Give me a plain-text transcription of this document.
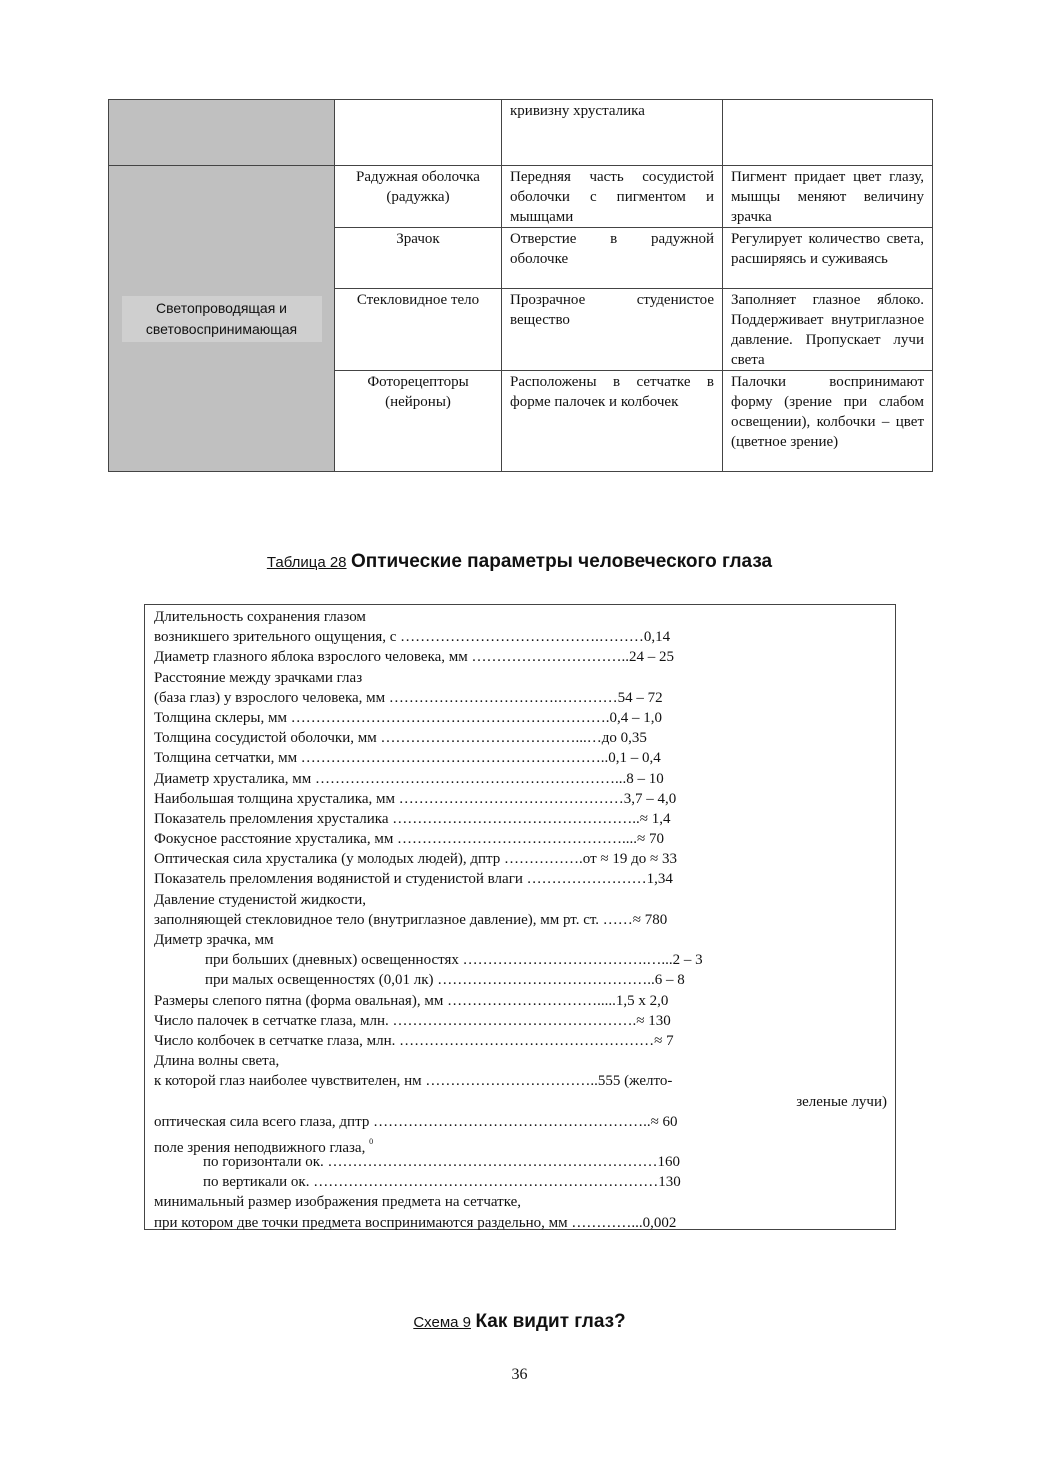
		кривизну хрусталика	

Светопроводящая и
световоспринимающая	Радужная оболочка (радужка)	Передняя часть сосудистой оболочки с пигментом и мышцами	Пигмент придает цвет глазу, мышцы меняют величину зрачка
	Зрачок	Отверстие в радужной оболочке	Регулирует количество света, расширяясь и суживаясь
	Стекловидное тело	Прозрачное студенистое вещество	Заполняет глазное яблоко. Поддерживает внутриглазное давление. Пропускает лучи света
	Фоторецепторы (нейроны)	Расположены в сетчатке в форме палочек и колбочек	Палочки воспринимают форму (зрение при слабом освещении), колбочки – цвет (цветное зрение)
Таблица 28 Оптические параметры человеческого глаза
Длительность сохранения глазом
возникшего зрительного ощущения, с ………………………………….………0,14
Диаметр глазного яблока взрослого человека, мм …………………………..24 – 25
Расстояние между зрачками глаз
(база глаз) у взрослого человека, мм …………………………….…………54 – 72
Толщина склеры, мм ……………………………………………………….0,4 – 1,0
Толщина сосудистой оболочки, мм …………………………………...…до 0,35
Толщина сетчатки, мм ……………………………………………………..0,1 – 0,4
Диаметр хрусталика, мм ……………………………………………………...8 – 10
Наибольшая толщина хрусталика, мм ………………………………………3,7 – 4,0
Показатель преломления хрусталика …………………………………………..≈ 1,4
Фокусное расстояние хрусталика, мм ………………………………………....≈ 70
Оптическая сила хрусталика (у молодых людей), дптр …………….от ≈ 19 до ≈ 33
Показатель преломления водянистой и студенистой влаги ……………………1,34
Давление студенистой жидкости,
заполняющей стекловидное тело (внутриглазное давление), мм рт. ст. ……≈ 780
Диметр зрачка, мм
при больших (дневных) освещенностях ……………………………….…...2 – 3
при малых освещенностях (0,01 лк) ……………………………………..6 – 8
Размеры слепого пятна (форма овальная), мм ………………………….....1,5 х 2,0
Число палочек в сетчатке глаза, млн. ………………………………………….≈ 130
Число колбочек в сетчатке глаза, млн. ……………………………………………≈ 7
Длина волны света,
к которой глаз наиболее чувствителен, нм ……………………………..555 (желто-
зеленые лучи)
оптическая сила всего глаза, дптр ………………………………………………..≈ 60
поле зрения неподвижного глаза, $^0$
по горизонтали ок. …………………………………………………………160
по вертикали ок. ……………………………………………………………130
минимальный размер изображения предмета на сетчатке,
при котором две точки предмета воспринимаются раздельно, мм …………...0,002
Схема 9 Как видит глаз?
36
